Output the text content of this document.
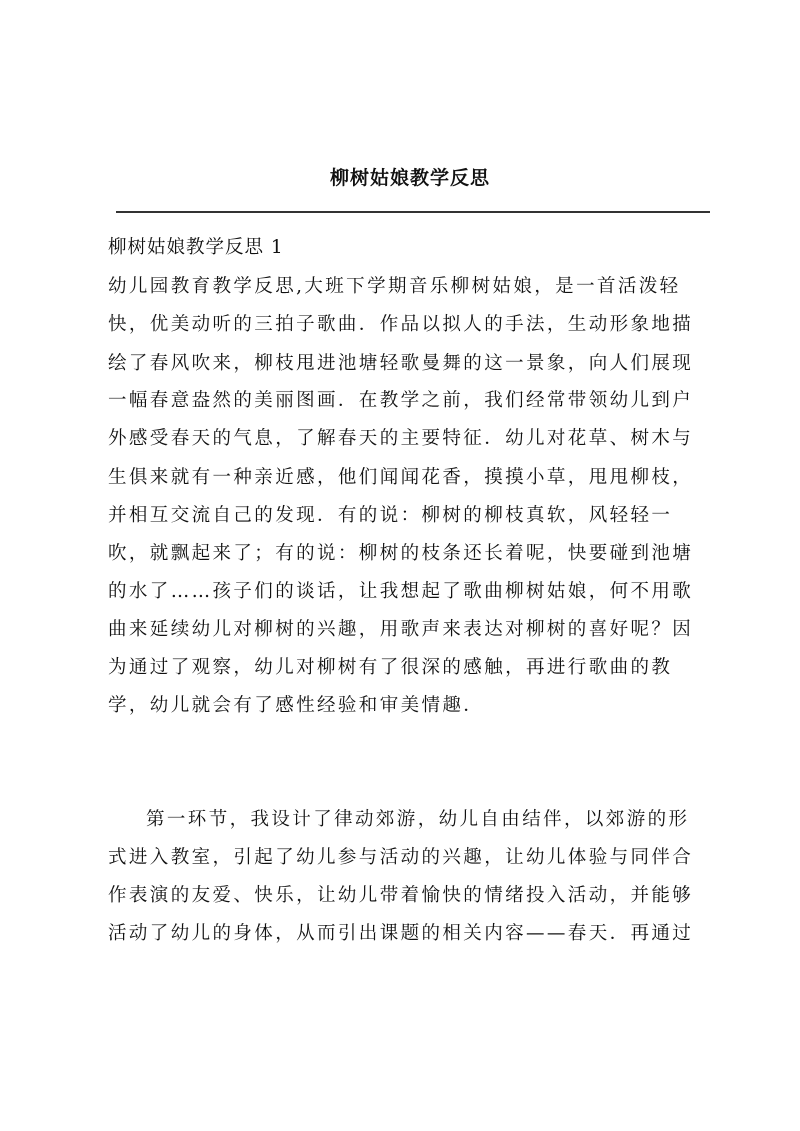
柳树姑娘教学反思
柳树姑娘教学反思 1
幼儿园教育教学反思,大班下学期音乐柳树姑娘，是一首活泼轻
快，优美动听的三拍子歌曲．作品以拟人的手法，生动形象地描
绘了春风吹来，柳枝甩进池塘轻歌曼舞的这一景象，向人们展现
一幅春意盎然的美丽图画．在教学之前，我们经常带领幼儿到户
外感受春天的气息，了解春天的主要特征．幼儿对花草、树木与
生俱来就有一种亲近感，他们闻闻花香，摸摸小草，甩甩柳枝，
并相互交流自己的发现．有的说：柳树的柳枝真软，风轻轻一
吹，就飘起来了；有的说：柳树的枝条还长着呢，快要碰到池塘
的水了……孩子们的谈话，让我想起了歌曲柳树姑娘，何不用歌
曲来延续幼儿对柳树的兴趣，用歌声来表达对柳树的喜好呢？因
为通过了观察，幼儿对柳树有了很深的感触，再进行歌曲的教
学，幼儿就会有了感性经验和审美情趣．
第一环节，我设计了律动郊游，幼儿自由结伴，以郊游的形
式进入教室，引起了幼儿参与活动的兴趣，让幼儿体验与同伴合
作表演的友爱、快乐，让幼儿带着愉快的情绪投入活动，并能够
活动了幼儿的身体，从而引出课题的相关内容——春天．再通过
